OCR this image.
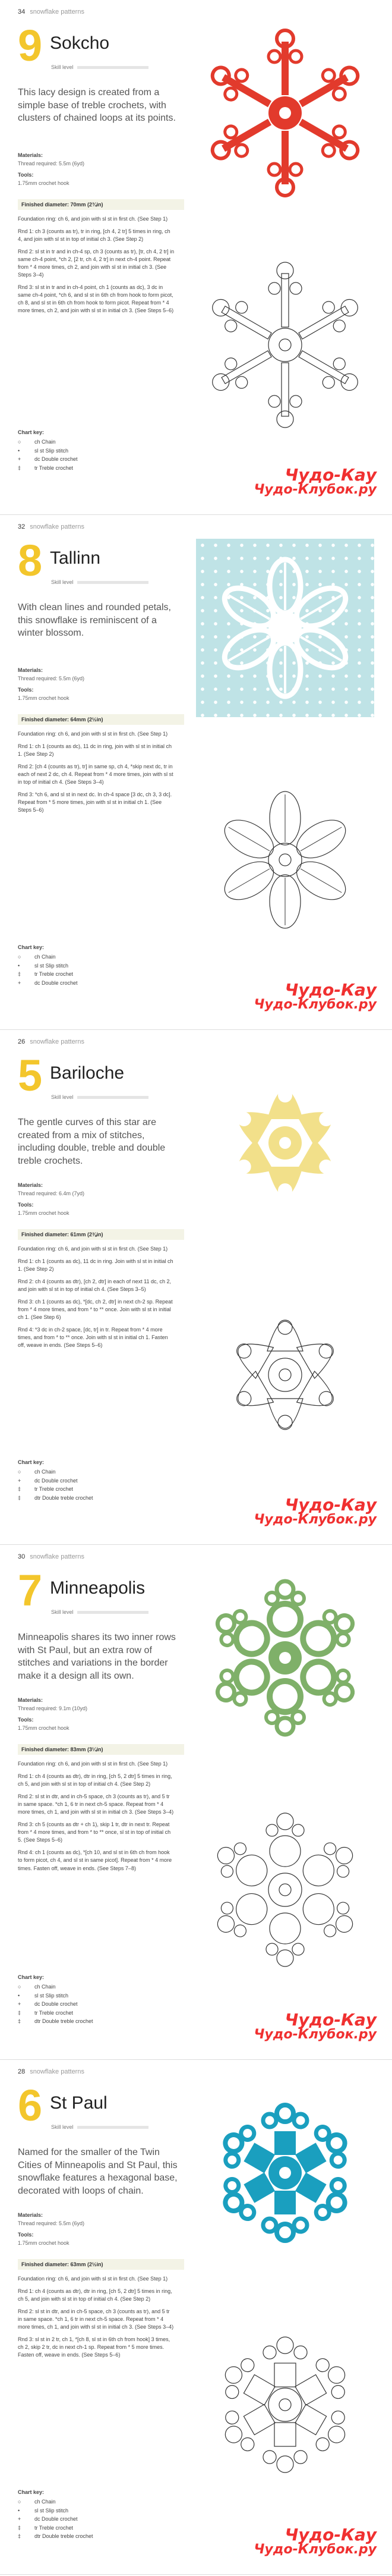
34 snowflake patterns
9 Sokcho
Skill level
This lacy design is created from a simple base of treble crochets, with clusters of chained loops at its points.
Materials:
Thread required: 5.5m (6yd)
Tools:
1.75mm crochet hook
Finished diameter: 70mm (2¾in)

Foundation ring: ch 6, and join with sl st in first ch. (See Step 1)

Rnd 1: ch 3 (counts as tr), tr in ring, [ch 4, 2 tr] 5 times in ring, ch 4, and join with sl st in top of initial ch 3. (See Step 2)

Rnd 2: sl st in tr and in ch-4 sp, ch 3 (counts as tr), [tr, ch 4, 2 tr] in same ch-4 point, *ch 2, [2 tr, ch 4, 2 tr] in next ch-4 point. Repeat from * 4 more times, ch 2, and join with sl st in initial ch 3. (See Steps 3–4)

Rnd 3: sl st in tr and in ch-4 point, ch 1 (counts as dc), 3 dc in same ch-4 point, *ch 6, and sl st in 6th ch from hook to form picot, ch 8, and sl st in 6th ch from hook to form picot. Repeat from * 4 more times, ch 2, and join with sl st in initial ch 3. (See Steps 5–6)

Chart key:
○	ch Chain
•	sl st Slip stitch
+	dc Double crochet
‡	tr Treble crochet	Чудо-Кау
Чудо-Клубок.ру
32 snowflake patterns
8 Tallinn
Skill level
With clean lines and rounded petals, this snowflake is reminiscent of a winter blossom.
Materials:
Thread required: 5.5m (6yd)
Tools:
1.75mm crochet hook
Finished diameter: 64mm (2½in)

Foundation ring: ch 6, and join with sl st in first ch. (See Step 1)

Rnd 1: ch 1 (counts as dc), 11 dc in ring, join with sl st in initial ch 1. (See Step 2)

Rnd 2: [ch 4 (counts as tr), tr] in same sp, ch 4, *skip next dc, tr in each of next 2 dc, ch 4. Repeat from * 4 more times, join with sl st in top of initial ch 4. (See Steps 3–4)

Rnd 3: *ch 6, and sl st in next dc. In ch-4 space [3 dc, ch 3, 3 dc]. Repeat from * 5 more times, join with sl st in initial ch 1. (See Steps 5–6)

Chart key:
○	ch Chain
•	sl st Slip stitch
‡	tr Treble crochet
+	dc Double crochet	Чудо-Кау
Чудо-Клубок.ру
26 snowflake patterns
5 Bariloche
Skill level
The gentle curves of this star are created from a mix of stitches, including double, treble and double treble crochets.
Materials:
Thread required: 6.4m (7yd)
Tools:
1.75mm crochet hook
Finished diameter: 61mm (2⅜in)

Foundation ring: ch 6, and join with sl st in first ch. (See Step 1)

Rnd 1: ch 1 (counts as dc), 11 dc in ring. Join with sl st in initial ch 1. (See Step 2)

Rnd 2: ch 4 (counts as dtr), [ch 2, dtr] in each of next 11 dc, ch 2, and join with sl st in top of initial ch 4. (See Steps 3–5)

Rnd 3: ch 1 (counts as dc), *[dc, ch 2, dtr] in next ch-2 sp. Repeat from * 4 more times, and from * to ** once. Join with sl st in initial ch 1. (See Step 6)

Rnd 4: *3 dc in ch-2 space, [dc, tr] in tr. Repeat from * 4 more times, and from * to ** once. Join with sl st in initial ch 1. Fasten off, weave in ends. (See Steps 5–6)

Chart key:
○	ch Chain
+	dc Double crochet
‡	tr Treble crochet
‡	dtr Double treble crochet	Чудо-Кау
Чудо-Клубок.ру
30 snowflake patterns
7 Minneapolis
Skill level
Minneapolis shares its two inner rows with St Paul, but an extra row of stitches and variations in the border make it a design all its own.
Materials:
Thread required: 9.1m (10yd)
Tools:
1.75mm crochet hook
Finished diameter: 83mm (3¼in)

Foundation ring: ch 6, and join with sl st in first ch. (See Step 1)

Rnd 1: ch 4 (counts as dtr), dtr in ring, [ch 5, 2 dtr] 5 times in ring, ch 5, and join with sl st in top of initial ch 4. (See Step 2)

Rnd 2: sl st in dtr, and in ch-5 space, ch 3 (counts as tr), and 5 tr in same space. *ch 1, 6 tr in next ch-5 space. Repeat from * 4 more times, ch 1, and join with sl st in initial ch 3. (See Steps 3–4)

Rnd 3: ch 5 (counts as dtr + ch 1), skip 1 tr, dtr in next tr. Repeat from * 4 more times, and from * to ** once, sl st in top of initial ch 5. (See Steps 5–6)

Rnd 4: ch 1 (counts as dc), *[ch 10, and sl st in 6th ch from hook to form picot, ch 4, and sl st in same picot]. Repeat from * 4 more times. Fasten off, weave in ends. (See Steps 7–8)

Chart key:
○	ch Chain
•	sl st Slip stitch
+	dc Double crochet
‡	tr Treble crochet
‡	dtr Double treble crochet	Чудо-Кау
Чудо-Клубок.ру
28 snowflake patterns
6 St Paul
Skill level
Named for the smaller of the Twin Cities of Minneapolis and St Paul, this snowflake features a hexagonal base, decorated with loops of chain.
Materials:
Thread required: 5.5m (6yd)
Tools:
1.75mm crochet hook
Finished diameter: 63mm (2½in)

Foundation ring: ch 6, and join with sl st in first ch. (See Step 1)

Rnd 1: ch 4 (counts as dtr), dtr in ring, [ch 5, 2 dtr] 5 times in ring, ch 5, and join with sl st in top of initial ch 4. (See Step 2)

Rnd 2: sl st in dtr, and in ch-5 space, ch 3 (counts as tr), and 5 tr in same space. *ch 1, 6 tr in next ch-5 space. Repeat from * 4 more times, ch 1, and join with sl st in initial ch 3. (See Steps 3–4)

Rnd 3: sl st in 2 tr, ch 1, *[ch 8, sl st in 6th ch from hook] 3 times, ch 2, skip 2 tr, dc in next ch-1 sp. Repeat from * 5 more times. Fasten off, weave in ends. (See Steps 5–6)

Chart key:
○	ch Chain
•	sl st Slip stitch
+	dc Double crochet
‡	tr Treble crochet
‡	dtr Double treble crochet	Чудо-Кау
Чудо-Клубок.ру
